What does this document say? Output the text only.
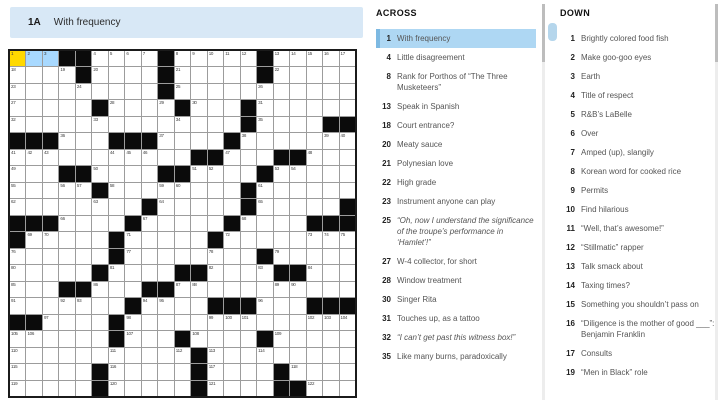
1A With frequency
1	2	3	4	5	6	7	8	9	10	11	12	13	14	15	16	17
18	19	20	21	22
23	24	25	26
27	28	29	30	31
32	33	34	35
36	37	38	39	40
41	42	43	44	45	46	47	48
49	50	51	52	53	54
55	56	57	58	59	60	61
62	63	64	65
66	67	68
69	70	71	72	73	74	75
76	77	78	79
80	81	82	83	84
85	86	87	88	89	90
91	92	93	94	95	96
97	98	99	100 101	102 103 104
105 106	107	108	109
110	111	112	113	114
115	116	117	118
119	120	121	122
ACROSS
1 With frequency
4 Little disagreement
8 Rank for Porthos of “The Three Musketeers”
13 Speak in Spanish
18 Court entrance?
20 Meaty sauce
21 Polynesian love
22 High grade
23 Instrument anyone can play
25 “Oh, now I understand the significance of the troupe’s performance in ‘Hamlet’!”
27 W-4 collector, for short
28 Window treatment
30 Singer Rita
31 Touches up, as a tattoo
32 “I can’t get past this witness box!”
35 Like many burns, paradoxically
DOWN
1 Brightly colored food fish
2 Make goo-goo eyes
3 Earth
4 Title of respect
5 R&B’s LaBelle
6 Over
7 Amped (up), slangily
8 Korean word for cooked rice
9 Permits
10 Find hilarious
11 “Well, that’s awesome!”
12 “Stillmatic” rapper
13 Talk smack about
14 Taxing times?
15 Something you shouldn’t pass on
16 “Diligence is the mother of good ___”: Benjamin Franklin
17 Consults
19 “Men in Black” role
